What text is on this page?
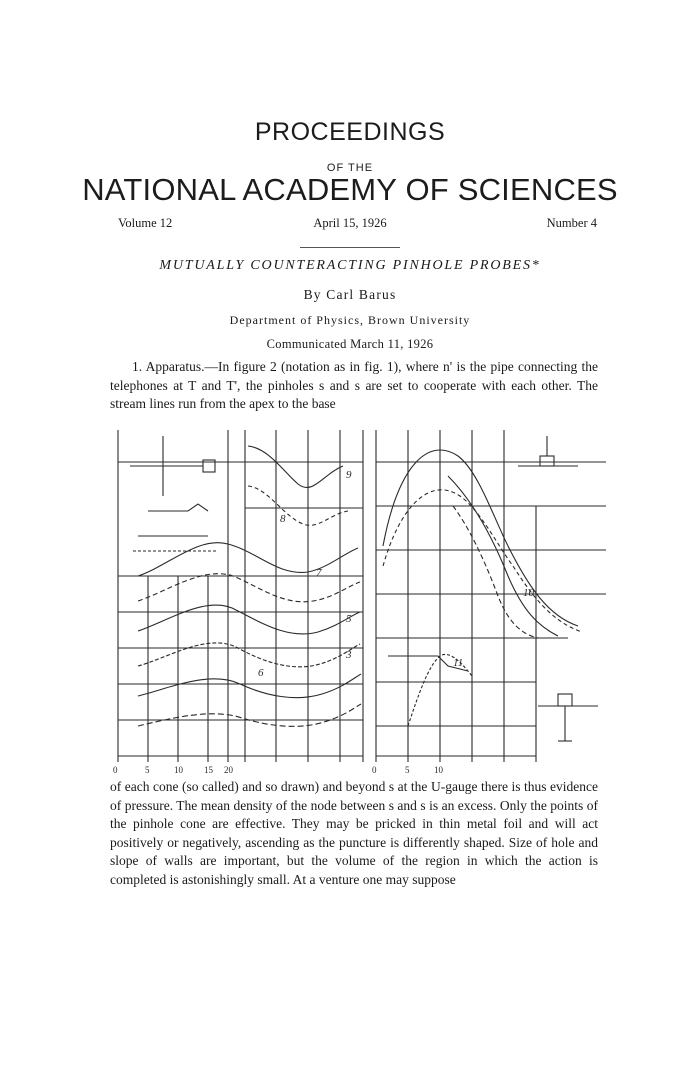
PROCEEDINGS
OF THE
NATIONAL ACADEMY OF SCIENCES
Volume 12	April 15, 1926	Number 4
MUTUALLY COUNTERACTING PINHOLE PROBES*
By Carl Barus
Department of Physics, Brown University
Communicated March 11, 1926

1. Apparatus.—In figure 2 (notation as in fig. 1), where n' is the pipe connecting the telephones at T and T', the pinholes s and s are set to cooperate with each other. The stream lines run from the apex to the base

9
8
7
6
5
3
10
11
0	5	10 15 20	0	5	10

of each cone (so called) and so drawn) and beyond s at the U-gauge there is thus evidence of pressure. The mean density of the node between s and s is an excess. Only the points of the pinhole cone are effective. They may be pricked in thin metal foil and will act positively or negatively, ascending as the puncture is differently shaped. Size of hole and slope of walls are important, but the volume of the region in which the action is completed is astonishingly small. At a venture one may suppose
